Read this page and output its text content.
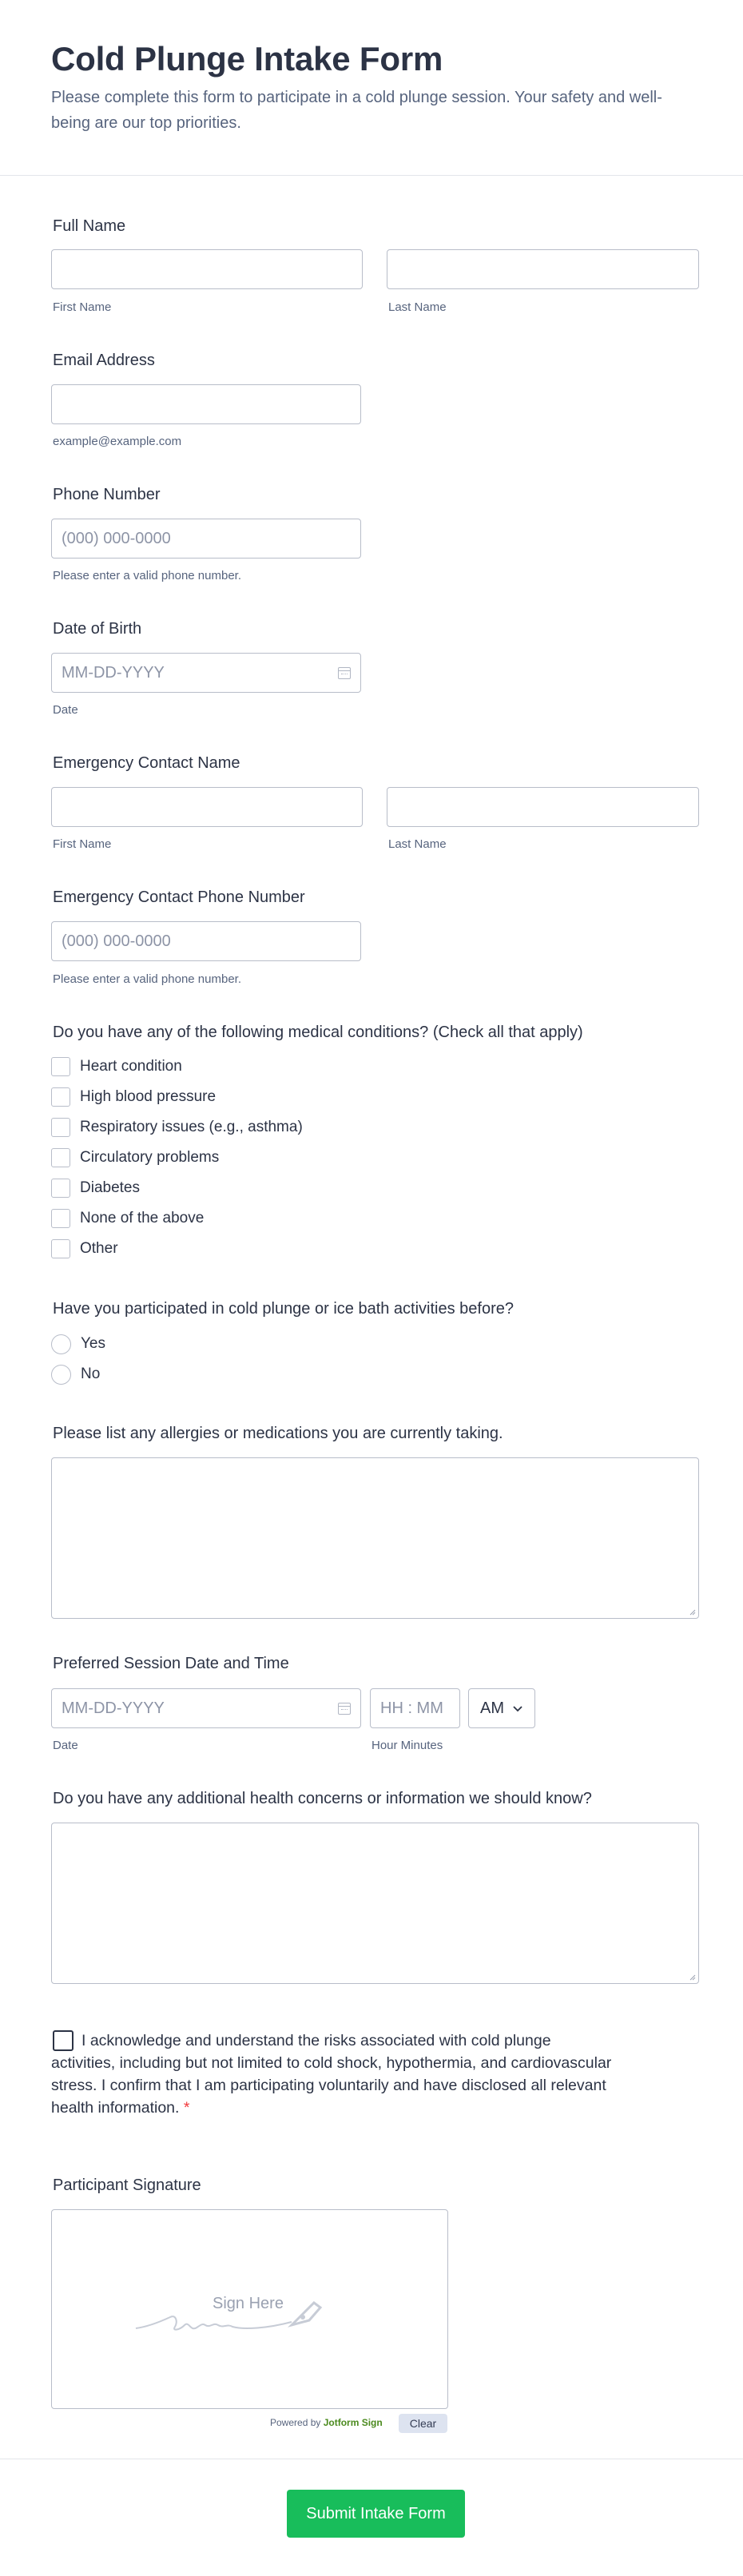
Cold Plunge Intake Form
Please complete this form to participate in a cold plunge session. Your safety and well-being are our top priorities.
Full Name
First Name	Last Name
Email Address
example@example.com
Phone Number
(000) 000-0000
Please enter a valid phone number.
Date of Birth
MM-DD-YYYY
Date
Emergency Contact Name
First Name	Last Name
Emergency Contact Phone Number
(000) 000-0000
Please enter a valid phone number.
Do you have any of the following medical conditions? (Check all that apply)
Heart condition
High blood pressure
Respiratory issues (e.g., asthma)
Circulatory problems
Diabetes
None of the above
Other
Have you participated in cold plunge or ice bath activities before?
Yes
No
Please list any allergies or medications you are currently taking.
Preferred Session Date and Time
MM-DD-YYYY	HH : MM	AM
Date	Hour Minutes
Do you have any additional health concerns or information we should know?
I acknowledge and understand the risks associated with cold plunge activities, including but not limited to cold shock, hypothermia, and cardiovascular stress. I confirm that I am participating voluntarily and have disclosed all relevant health information. *
Participant Signature
Sign Here
Powered by Jotform Sign	Clear
Submit Intake Form
